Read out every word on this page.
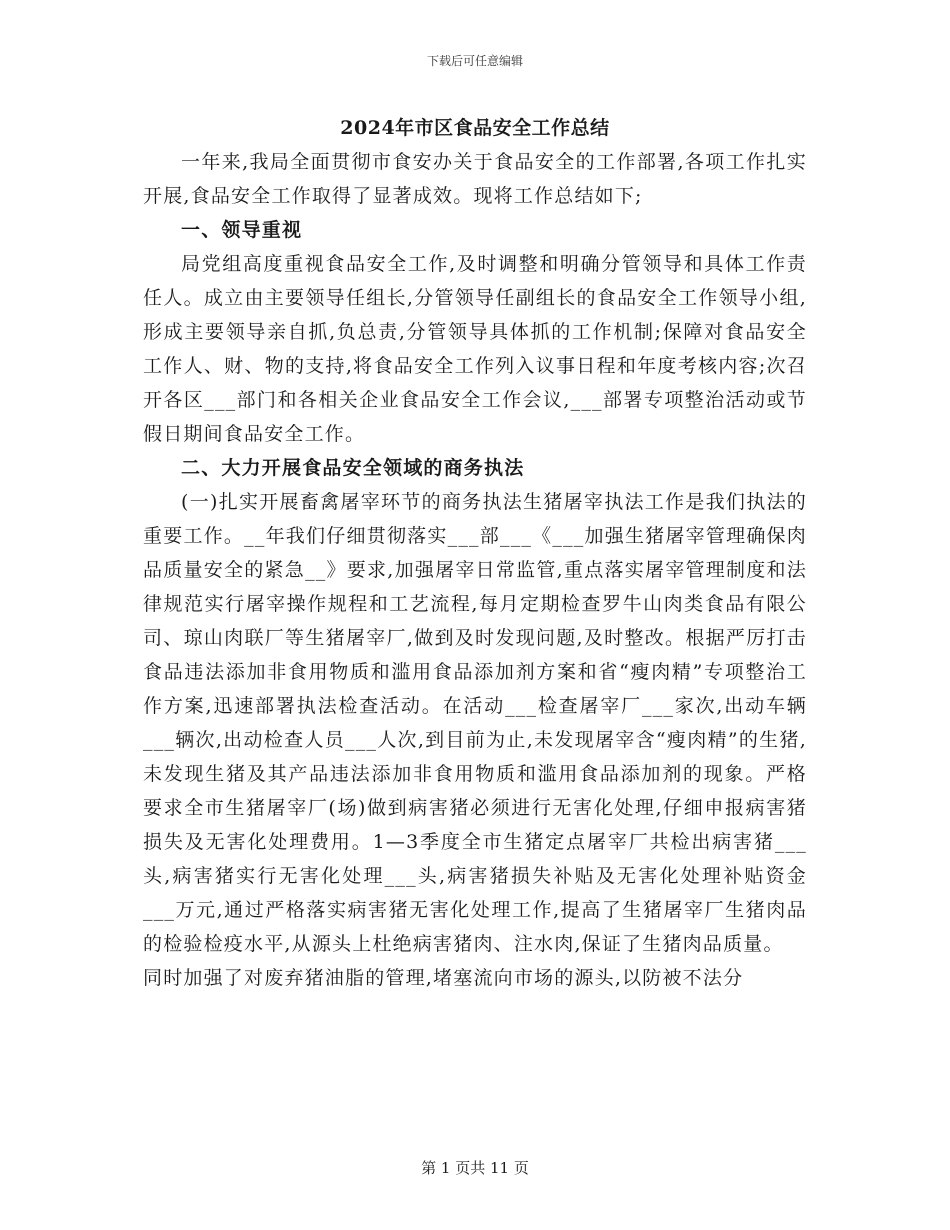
下载后可任意编辑
2024年市区食品安全工作总结

一年来,我局全面贯彻市食安办关于食品安全的工作部署,各项工作扎实开展,食品安全工作取得了显著成效。现将工作总结如下;

一、领导重视

局党组高度重视食品安全工作,及时调整和明确分管领导和具体工作责任人。成立由主要领导任组长,分管领导任副组长的食品安全工作领导小组,形成主要领导亲自抓,负总责,分管领导具体抓的工作机制;保障对食品安全工作人、财、物的支持,将食品安全工作列入议事日程和年度考核内容;次召开各区___部门和各相关企业食品安全工作会议,___部署专项整治活动或节假日期间食品安全工作。

二、大力开展食品安全领域的商务执法

(一)扎实开展畜禽屠宰环节的商务执法生猪屠宰执法工作是我们执法的重要工作。__年我们仔细贯彻落实___部___《___加强生猪屠宰管理确保肉品质量安全的紧急__》要求,加强屠宰日常监管,重点落实屠宰管理制度和法律规范实行屠宰操作规程和工艺流程,每月定期检查罗牛山肉类食品有限公司、琼山肉联厂等生猪屠宰厂,做到及时发现问题,及时整改。根据严厉打击食品违法添加非食用物质和滥用食品添加剂方案和省“瘦肉精”专项整治工作方案,迅速部署执法检查活动。在活动___检查屠宰厂___家次,出动车辆___辆次,出动检查人员___人次,到目前为止,未发现屠宰含“瘦肉精”的生猪,未发现生猪及其产品违法添加非食用物质和滥用食品添加剂的现象。严格要求全市生猪屠宰厂(场)做到病害猪必须进行无害化处理,仔细申报病害猪损失及无害化处理费用。1—3季度全市生猪定点屠宰厂共检出病害猪___头,病害猪实行无害化处理___头,病害猪损失补贴及无害化处理补贴资金___万元,通过严格落实病害猪无害化处理工作,提高了生猪屠宰厂生猪肉品的检验检疫水平,从源头上杜绝病害猪肉、注水肉,保证了生猪肉品质量。

同时加强了对废弃猪油脂的管理,堵塞流向市场的源头,以防被不法分

第 1 页共 11 页
